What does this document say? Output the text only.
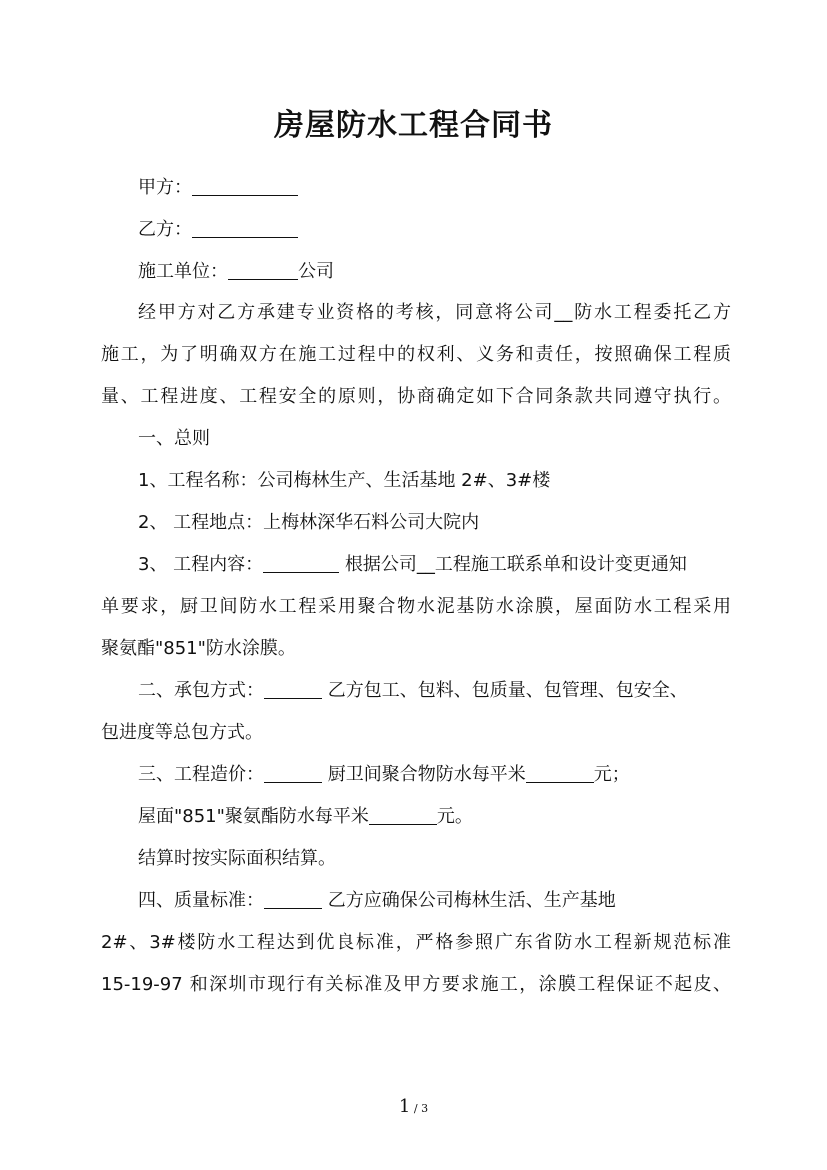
房屋防水工程合同书
甲方：
乙方：
施工单位：	公司
经甲方对乙方承建专业资格的考核，同意将公司__防水工程委托乙方
施工，为了明确双方在施工过程中的权利、义务和责任，按照确保工程质
量、工程进度、工程安全的原则，协商确定如下合同条款共同遵守执行。
一、总则
1、工程名称：公司梅林生产、生活基地 2#、3#楼
2、 工程地点：上梅林深华石料公司大院内
3、 工程内容：	根据公司__工程施工联系单和设计变更通知
单要求，厨卫间防水工程采用聚合物水泥基防水涂膜，屋面防水工程采用
聚氨酯"851"防水涂膜。
二、承包方式：	乙方包工、包料、包质量、包管理、包安全、
包进度等总包方式。
三、工程造价：	厨卫间聚合物防水每平米	元；
屋面"851"聚氨酯防水每平米	元。
结算时按实际面积结算。
四、质量标准：	乙方应确保公司梅林生活、生产基地
2#、3#楼防水工程达到优良标准，严格参照广东省防水工程新规范标准
15-19-97 和深圳市现行有关标准及甲方要求施工，涂膜工程保证不起皮、
1 / 3
